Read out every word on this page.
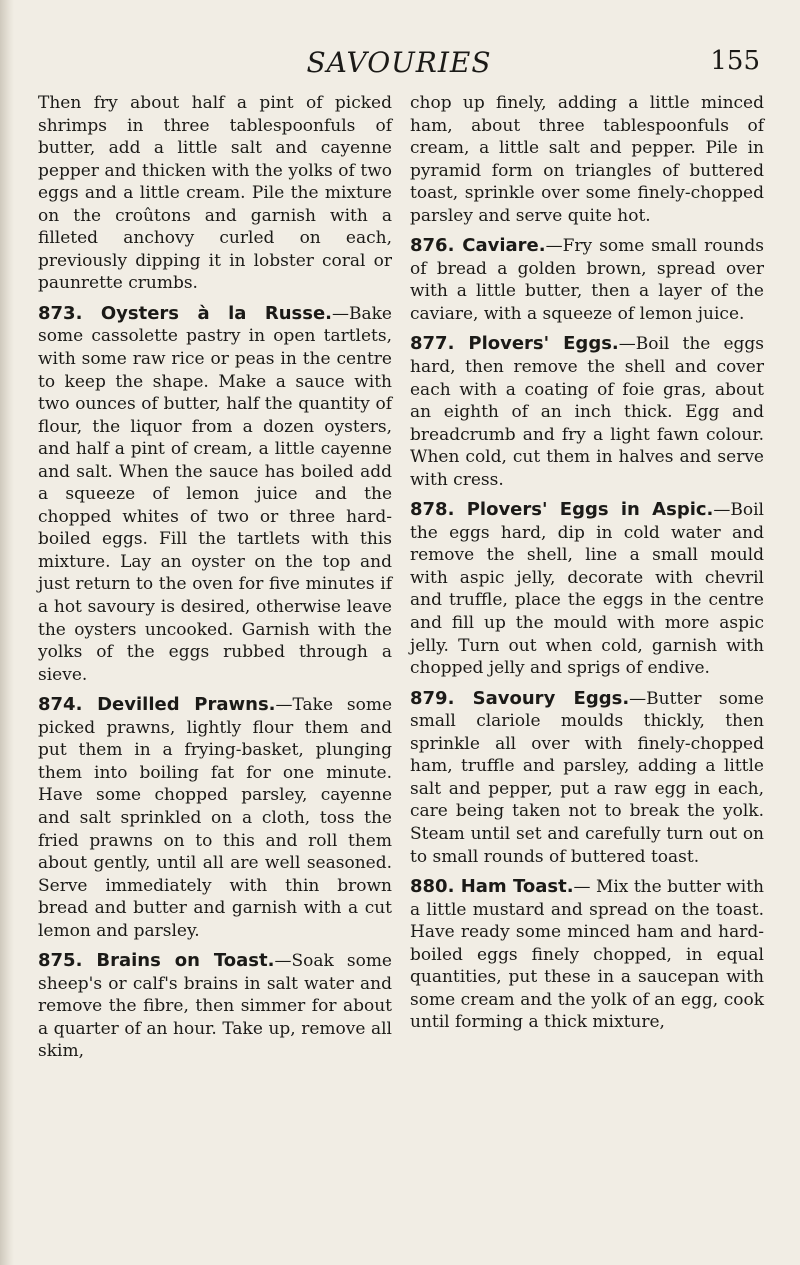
SAVOURIES	155

Then fry about half a pint of picked shrimps in three tablespoonfuls of butter, add a little salt and cayenne pepper and thicken with the yolks of two eggs and a little cream. Pile the mixture on the croûtons and garnish with a filleted anchovy curled on each, previously dipping it in lobster coral or paunrette crumbs.

873. Oysters à la Russe.—Bake some cassolette pastry in open tartlets, with some raw rice or peas in the centre to keep the shape. Make a sauce with two ounces of butter, half the quantity of flour, the liquor from a dozen oysters, and half a pint of cream, a little cayenne and salt. When the sauce has boiled add a squeeze of lemon juice and the chopped whites of two or three hard-boiled eggs. Fill the tartlets with this mixture. Lay an oyster on the top and just return to the oven for five minutes if a hot savoury is desired, otherwise leave the oysters uncooked. Garnish with the yolks of the eggs rubbed through a sieve.

874. Devilled Prawns.—Take some picked prawns, lightly flour them and put them in a frying-basket, plunging them into boiling fat for one minute. Have some chopped parsley, cayenne and salt sprinkled on a cloth, toss the fried prawns on to this and roll them about gently, until all are well seasoned. Serve immediately with thin brown bread and butter and garnish with a cut lemon and parsley.

875. Brains on Toast.—Soak some sheep's or calf's brains in salt water and remove the fibre, then simmer for about a quarter of an hour. Take up, remove all skim,

chop up finely, adding a little minced ham, about three tablespoonfuls of cream, a little salt and pepper. Pile in pyramid form on triangles of buttered toast, sprinkle over some finely-chopped parsley and serve quite hot.

876. Caviare.—Fry some small rounds of bread a golden brown, spread over with a little butter, then a layer of the caviare, with a squeeze of lemon juice.

877. Plovers' Eggs.—Boil the eggs hard, then remove the shell and cover each with a coating of foie gras, about an eighth of an inch thick. Egg and breadcrumb and fry a light fawn colour. When cold, cut them in halves and serve with cress.

878. Plovers' Eggs in Aspic.—Boil the eggs hard, dip in cold water and remove the shell, line a small mould with aspic jelly, decorate with chevril and truffle, place the eggs in the centre and fill up the mould with more aspic jelly. Turn out when cold, garnish with chopped jelly and sprigs of endive.

879. Savoury Eggs.—Butter some small clariole moulds thickly, then sprinkle all over with finely-chopped ham, truffle and parsley, adding a little salt and pepper, put a raw egg in each, care being taken not to break the yolk. Steam until set and carefully turn out on to small rounds of buttered toast.

880. Ham Toast.— Mix the butter with a little mustard and spread on the toast. Have ready some minced ham and hard-boiled eggs finely chopped, in equal quantities, put these in a saucepan with some cream and the yolk of an egg, cook until forming a thick mixture,
